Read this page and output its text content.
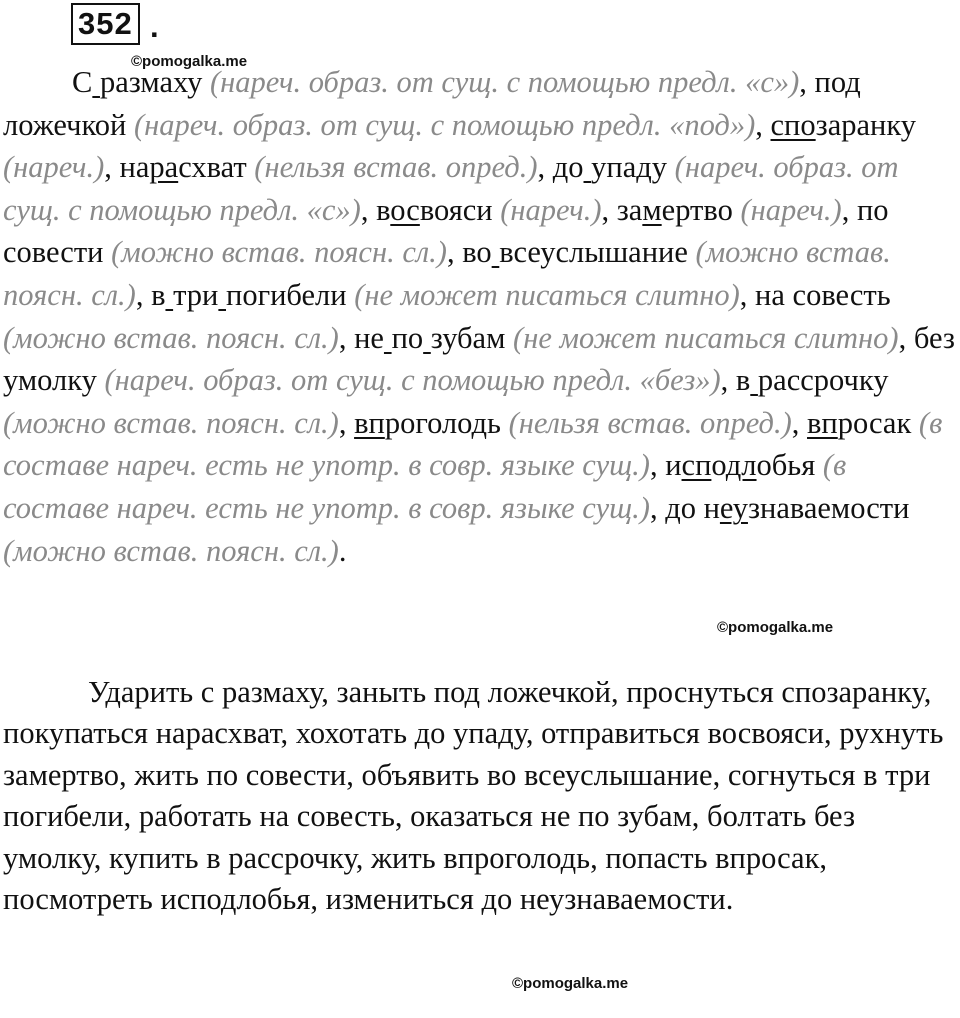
352 .
©pomogalka.me

С размаху (нареч. образ. от сущ. с помощью предл. «с»), под ложечкой (нареч. образ. от сущ. с помощью предл. «под»), спозаранку (нареч.), нарасхват (нельзя встав. опред.), до упаду (нареч. образ. от сущ. с помощью предл. «с»), восвояси (нареч.), замертво (нареч.), по совести (можно встав. поясн. сл.), во всеуслышание (можно встав. поясн. сл.), в три погибели (не может писаться слитно), на совесть (можно встав. поясн. сл.), не по зубам (не может писаться слитно), без умолку (нареч. образ. от сущ. с помощью предл. «без»), в рассрочку (можно встав. поясн. сл.), впроголодь (нельзя встав. опред.), впросак (в составе нареч. есть не употр. в совр. языке сущ.), исподлобья (в составе нареч. есть не употр. в совр. языке сущ.), до неузнаваемости (можно встав. поясн. сл.).

©pomogalka.me

Ударить с размаху, заныть под ложечкой, проснуться спозаранку, покупаться нарасхват, хохотать до упаду, отправиться восвояси, рухнуть замертво, жить по совести, объявить во всеуслышание, согнуться в три погибели, работать на совесть, оказаться не по зубам, болтать без умолку, купить в рассрочку, жить впроголодь, попасть впросак, посмотреть исподлобья, измениться до неузнаваемости.

©pomogalka.me
